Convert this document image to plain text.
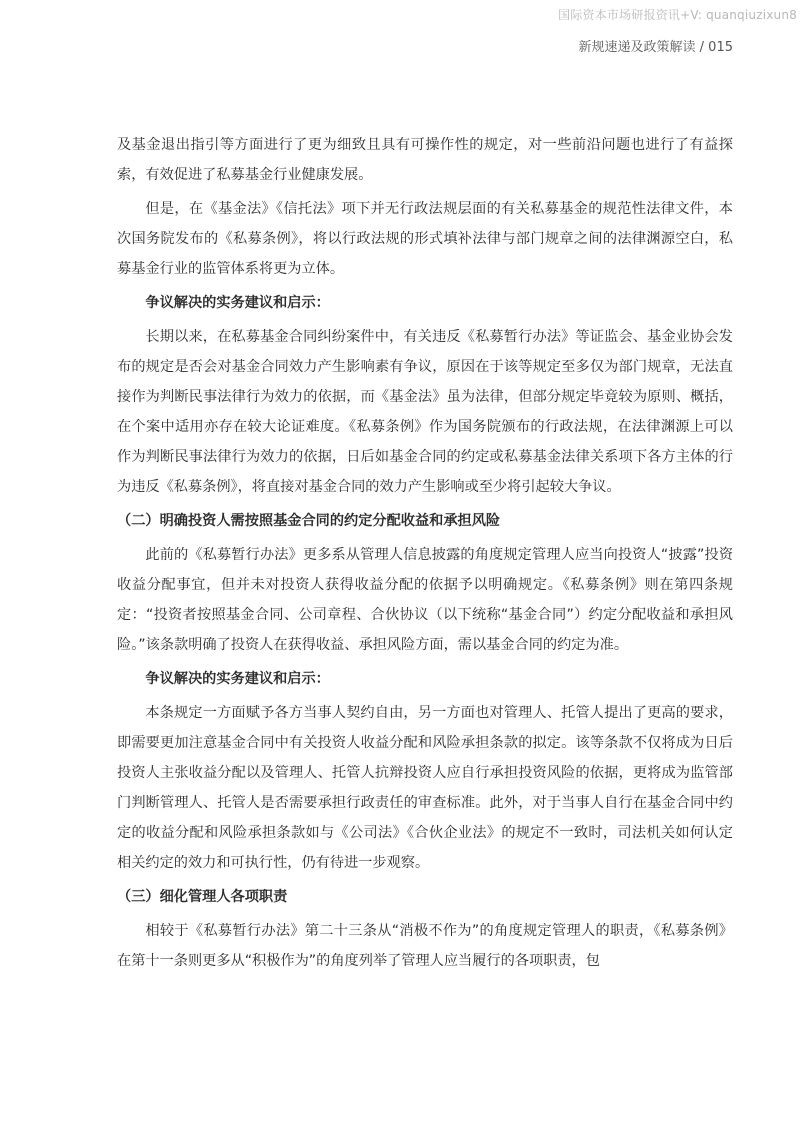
国际资本市场研报资讯+V: quanqiuzixun8
新规速递及政策解读 / 015

及基金退出指引等方面进行了更为细致且具有可操作性的规定，对一些前沿问题也进行了有益探索，有效促进了私募基金行业健康发展。

但是，在《基金法》《信托法》项下并无行政法规层面的有关私募基金的规范性法律文件，本次国务院发布的《私募条例》，将以行政法规的形式填补法律与部门规章之间的法律渊源空白，私募基金行业的监管体系将更为立体。

争议解决的实务建议和启示：

长期以来，在私募基金合同纠纷案件中，有关违反《私募暂行办法》等证监会、基金业协会发布的规定是否会对基金合同效力产生影响素有争议，原因在于该等规定至多仅为部门规章，无法直接作为判断民事法律行为效力的依据，而《基金法》虽为法律，但部分规定毕竟较为原则、概括，在个案中适用亦存在较大论证难度。《私募条例》作为国务院颁布的行政法规，在法律渊源上可以作为判断民事法律行为效力的依据，日后如基金合同的约定或私募基金法律关系项下各方主体的行为违反《私募条例》，将直接对基金合同的效力产生影响或至少将引起较大争议。

（二）明确投资人需按照基金合同的约定分配收益和承担风险

此前的《私募暂行办法》更多系从管理人信息披露的角度规定管理人应当向投资人“披露”投资收益分配事宜，但并未对投资人获得收益分配的依据予以明确规定。《私募条例》则在第四条规定：“投资者按照基金合同、公司章程、合伙协议（以下统称“基金合同”）约定分配收益和承担风险。”该条款明确了投资人在获得收益、承担风险方面，需以基金合同的约定为准。

争议解决的实务建议和启示：

本条规定一方面赋予各方当事人契约自由，另一方面也对管理人、托管人提出了更高的要求，即需要更加注意基金合同中有关投资人收益分配和风险承担条款的拟定。该等条款不仅将成为日后投资人主张收益分配以及管理人、托管人抗辩投资人应自行承担投资风险的依据，更将成为监管部门判断管理人、托管人是否需要承担行政责任的审查标准。此外，对于当事人自行在基金合同中约定的收益分配和风险承担条款如与《公司法》《合伙企业法》的规定不一致时，司法机关如何认定相关约定的效力和可执行性，仍有待进一步观察。

（三）细化管理人各项职责

相较于《私募暂行办法》第二十三条从“消极不作为”的角度规定管理人的职责，《私募条例》在第十一条则更多从“积极作为”的角度列举了管理人应当履行的各项职责，包
